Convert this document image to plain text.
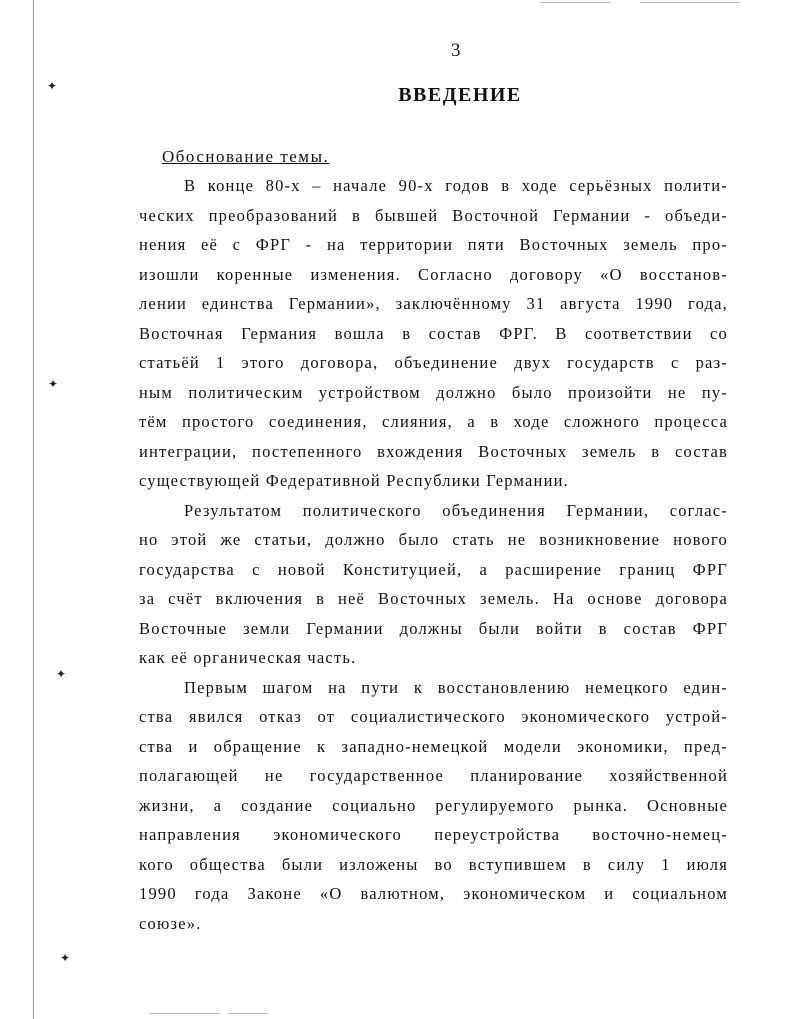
✦
✦
✦
✦
3
ВВЕДЕНИЕ
Обоснование темы.
В конце 80-х – начале 90-х годов в ходе серьёзных полити-
ческих преобразований в бывшей Восточной Германии - объеди-
нения её с ФРГ - на территории пяти Восточных земель про-
изошли коренные изменения. Согласно договору «О восстанов-
лении единства Германии», заключённому 31 августа 1990 года,
Восточная Германия вошла в состав ФРГ. В соответствии со
статьёй 1 этого договора, объединение двух государств с раз-
ным политическим устройством должно было произойти не пу-
тём простого соединения, слияния, а в ходе сложного процесса
интеграции, постепенного вхождения Восточных земель в состав
существующей Федеративной Республики Германии.
Результатом политического объединения Германии, соглас-
но этой же статьи, должно было стать не возникновение нового
государства с новой Конституцией, а расширение границ ФРГ
за счёт включения в неё Восточных земель. На основе договора
Восточные земли Германии должны были войти в состав ФРГ
как её органическая часть.
Первым шагом на пути к восстановлению немецкого един-
ства явился отказ от социалистического экономического устрой-
ства и обращение к западно-немецкой модели экономики, пред-
полагающей не государственное планирование хозяйственной
жизни, а создание социально регулируемого рынка. Основные
направления экономического переустройства восточно-немец-
кого общества были изложены во вступившем в силу 1 июля
1990 года Законе «О валютном, экономическом и социальном
союзе».
